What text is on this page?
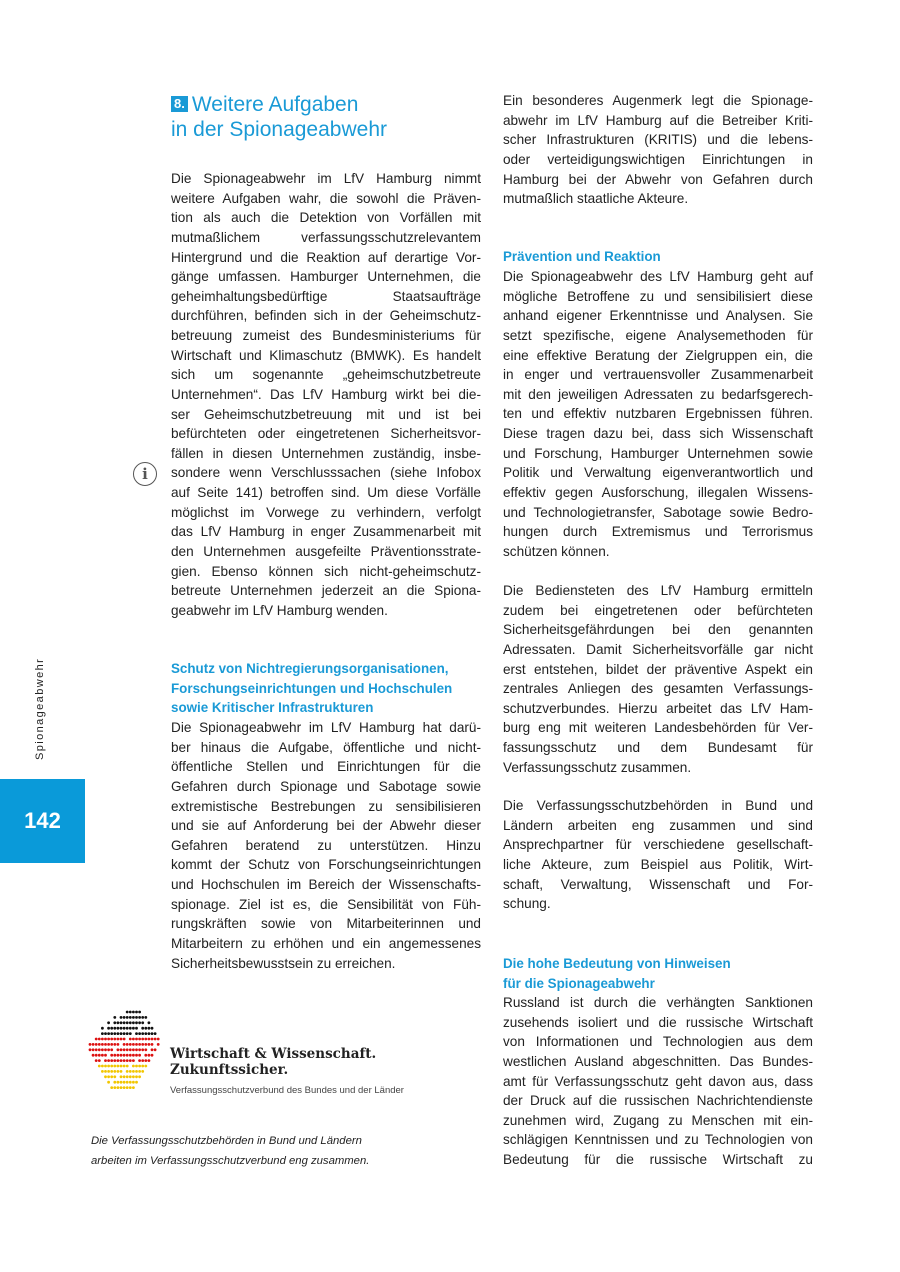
8. Weitere Aufgaben
in der Spionageabwehr
Die Spionageabwehr im LfV Hamburg nimmt
weitere Aufgaben wahr, die sowohl die Präven-
tion als auch die Detektion von Vorfällen mit
mutmaßlichem verfassungsschutzrelevantem
Hintergrund und die Reaktion auf derartige Vor-
gänge umfassen. Hamburger Unternehmen, die
geheimhaltungsbedürftige Staatsaufträge
durchführen, befinden sich in der Geheimschutz-
betreuung zumeist des Bundesministeriums für
Wirtschaft und Klimaschutz (BMWK). Es handelt
sich um sogenannte „geheimschutzbetreute
Unternehmen“. Das LfV Hamburg wirkt bei die-
ser Geheimschutzbetreuung mit und ist bei
befürchteten oder eingetretenen Sicherheitsvor-
fällen in diesen Unternehmen zuständig, insbe-
sondere wenn Verschlusssachen (siehe Infobox
auf Seite 141) betroffen sind. Um diese Vorfälle
möglichst im Vorwege zu verhindern, verfolgt
das LfV Hamburg in enger Zusammenarbeit mit
den Unternehmen ausgefeilte Präventionsstrate-
gien. Ebenso können sich nicht-geheimschutz-
betreute Unternehmen jederzeit an die Spiona-
geabwehr im LfV Hamburg wenden.
Schutz von Nichtregierungsorganisationen,
Forschungseinrichtungen und Hochschulen
sowie Kritischer Infrastrukturen
Die Spionageabwehr im LfV Hamburg hat darü-
ber hinaus die Aufgabe, öffentliche und nicht-
öffentliche Stellen und Einrichtungen für die
Gefahren durch Spionage und Sabotage sowie
extremistische Bestrebungen zu sensibilisieren
und sie auf Anforderung bei der Abwehr dieser
Gefahren beratend zu unterstützen. Hinzu
kommt der Schutz von Forschungseinrichtungen
und Hochschulen im Bereich der Wissenschafts-
spionage. Ziel ist es, die Sensibilität von Füh-
rungskräften sowie von Mitarbeiterinnen und
Mitarbeitern zu erhöhen und ein angemessenes
Sicherheitsbewusstsein zu erreichen.
Ein besonderes Augenmerk legt die Spionage-
abwehr im LfV Hamburg auf die Betreiber Kriti-
scher Infrastrukturen (KRITIS) und die lebens-
oder verteidigungswichtigen Einrichtungen in
Hamburg bei der Abwehr von Gefahren durch
mutmaßlich staatliche Akteure.
Prävention und Reaktion
Die Spionageabwehr des LfV Hamburg geht auf
mögliche Betroffene zu und sensibilisiert diese
anhand eigener Erkenntnisse und Analysen. Sie
setzt spezifische, eigene Analysemethoden für
eine effektive Beratung der Zielgruppen ein, die
in enger und vertrauensvoller Zusammenarbeit
mit den jeweiligen Adressaten zu bedarfsgerech-
ten und effektiv nutzbaren Ergebnissen führen.
Diese tragen dazu bei, dass sich Wissenschaft
und Forschung, Hamburger Unternehmen sowie
Politik und Verwaltung eigenverantwortlich und
effektiv gegen Ausforschung, illegalen Wissens-
und Technologietransfer, Sabotage sowie Bedro-
hungen durch Extremismus und Terrorismus
schützen können.
Die Bediensteten des LfV Hamburg ermitteln
zudem bei eingetretenen oder befürchteten
Sicherheitsgefährdungen bei den genannten
Adressaten. Damit Sicherheitsvorfälle gar nicht
erst entstehen, bildet der präventive Aspekt ein
zentrales Anliegen des gesamten Verfassungs-
schutzverbundes. Hierzu arbeitet das LfV Ham-
burg eng mit weiteren Landesbehörden für Ver-
fassungsschutz und dem Bundesamt für
Verfassungsschutz zusammen.
Die Verfassungsschutzbehörden in Bund und
Ländern arbeiten eng zusammen und sind
Ansprechpartner für verschiedene gesellschaft-
liche Akteure, zum Beispiel aus Politik, Wirt-
schaft, Verwaltung, Wissenschaft und For-
schung.
Die hohe Bedeutung von Hinweisen
für die Spionageabwehr
Russland ist durch die verhängten Sanktionen
zusehends isoliert und die russische Wirtschaft
von Informationen und Technologien aus dem
westlichen Ausland abgeschnitten. Das Bundes-
amt für Verfassungsschutz geht davon aus, dass
der Druck auf die russischen Nachrichtendienste
zunehmen wird, Zugang zu Menschen mit ein-
schlägigen Kenntnissen und zu Technologien von
Bedeutung für die russische Wirtschaft zu
i
Spionageabwehr
142
Wirtschaft & Wissenschaft.
Zukunftssicher.
Verfassungsschutzverbund des Bundes und der Länder
Die Verfassungsschutzbehörden in Bund und Ländern
arbeiten im Verfassungsschutzverbund eng zusammen.
